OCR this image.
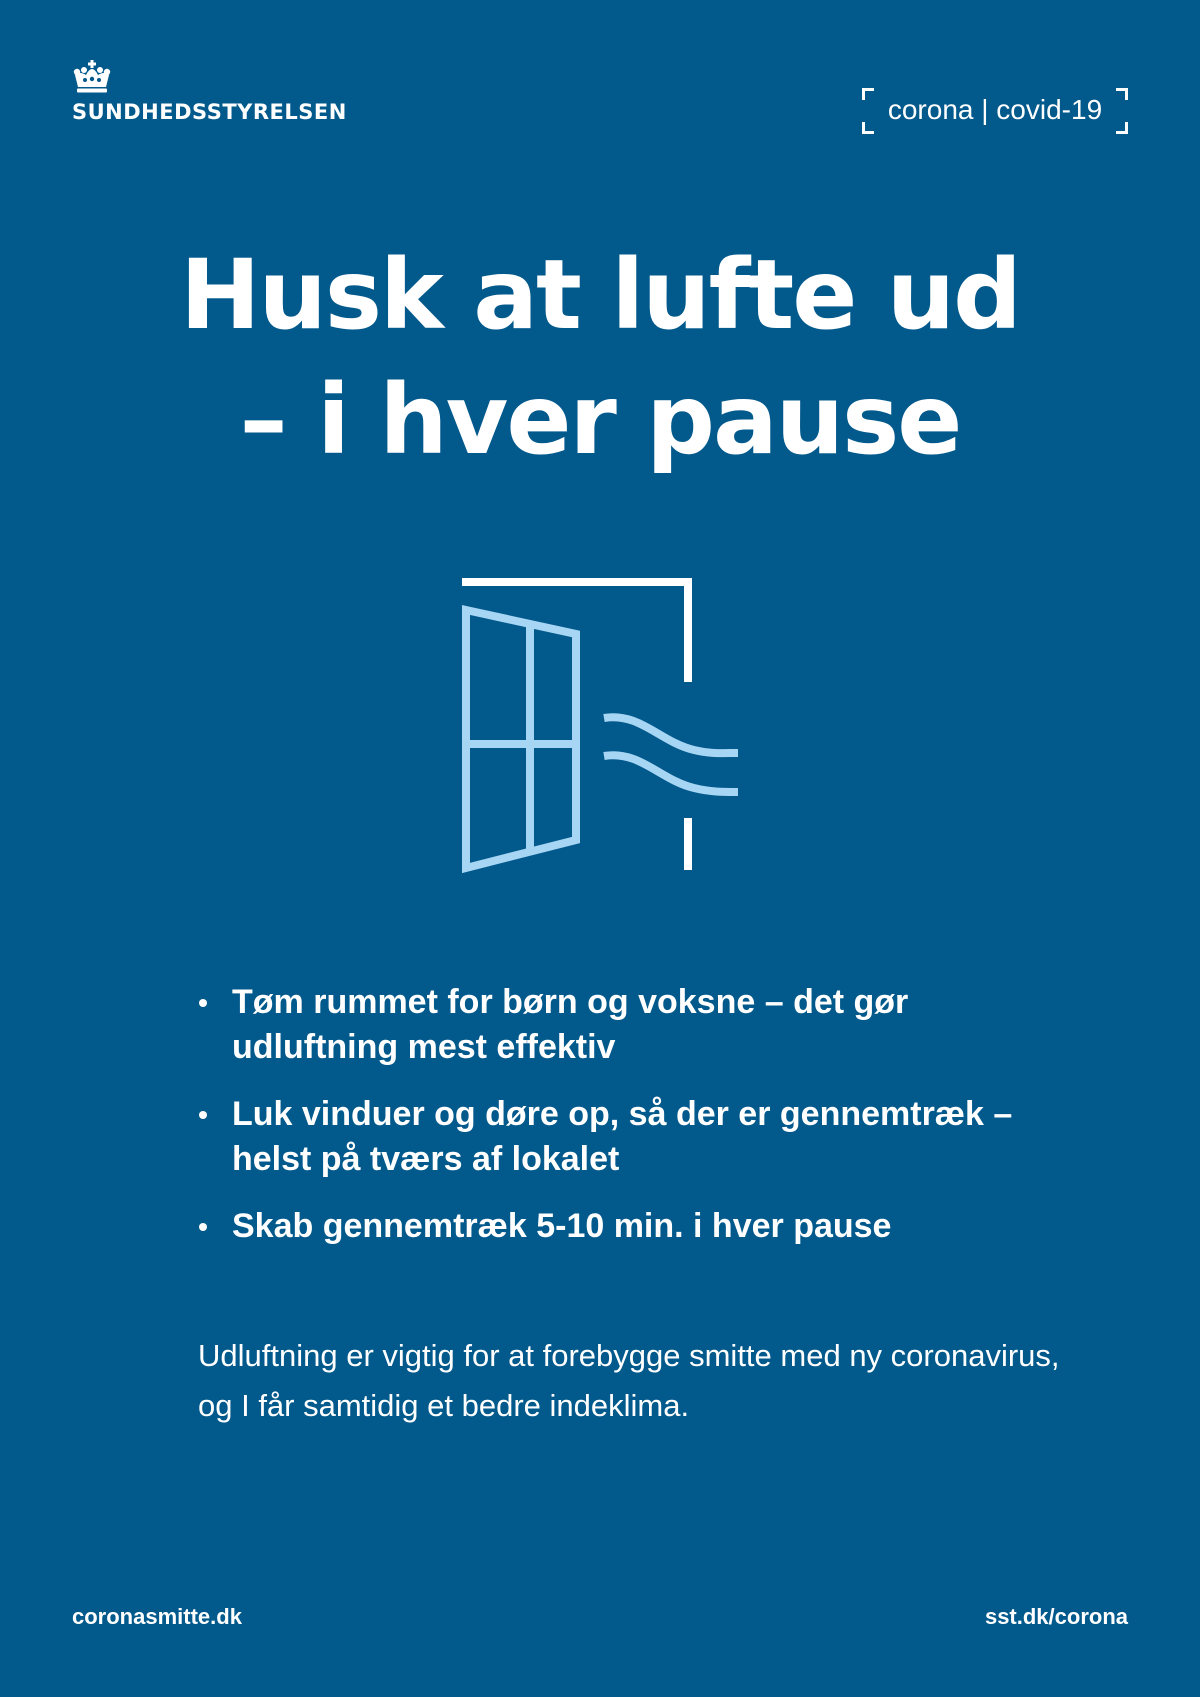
SUNDHEDSSTYRELSEN	corona | covid-19
Husk at lufte ud
– i hver pause
Tøm rummet for børn og voksne – det gør udluftning mest effektiv
Luk vinduer og døre op, så der er gennemtræk – helst på tværs af lokalet
Skab gennemtræk 5-10 min. i hver pause
Udluftning er vigtig for at forebygge smitte med ny coronavirus, og I får samtidig et bedre indeklima.
coronasmitte.dk	sst.dk/corona
